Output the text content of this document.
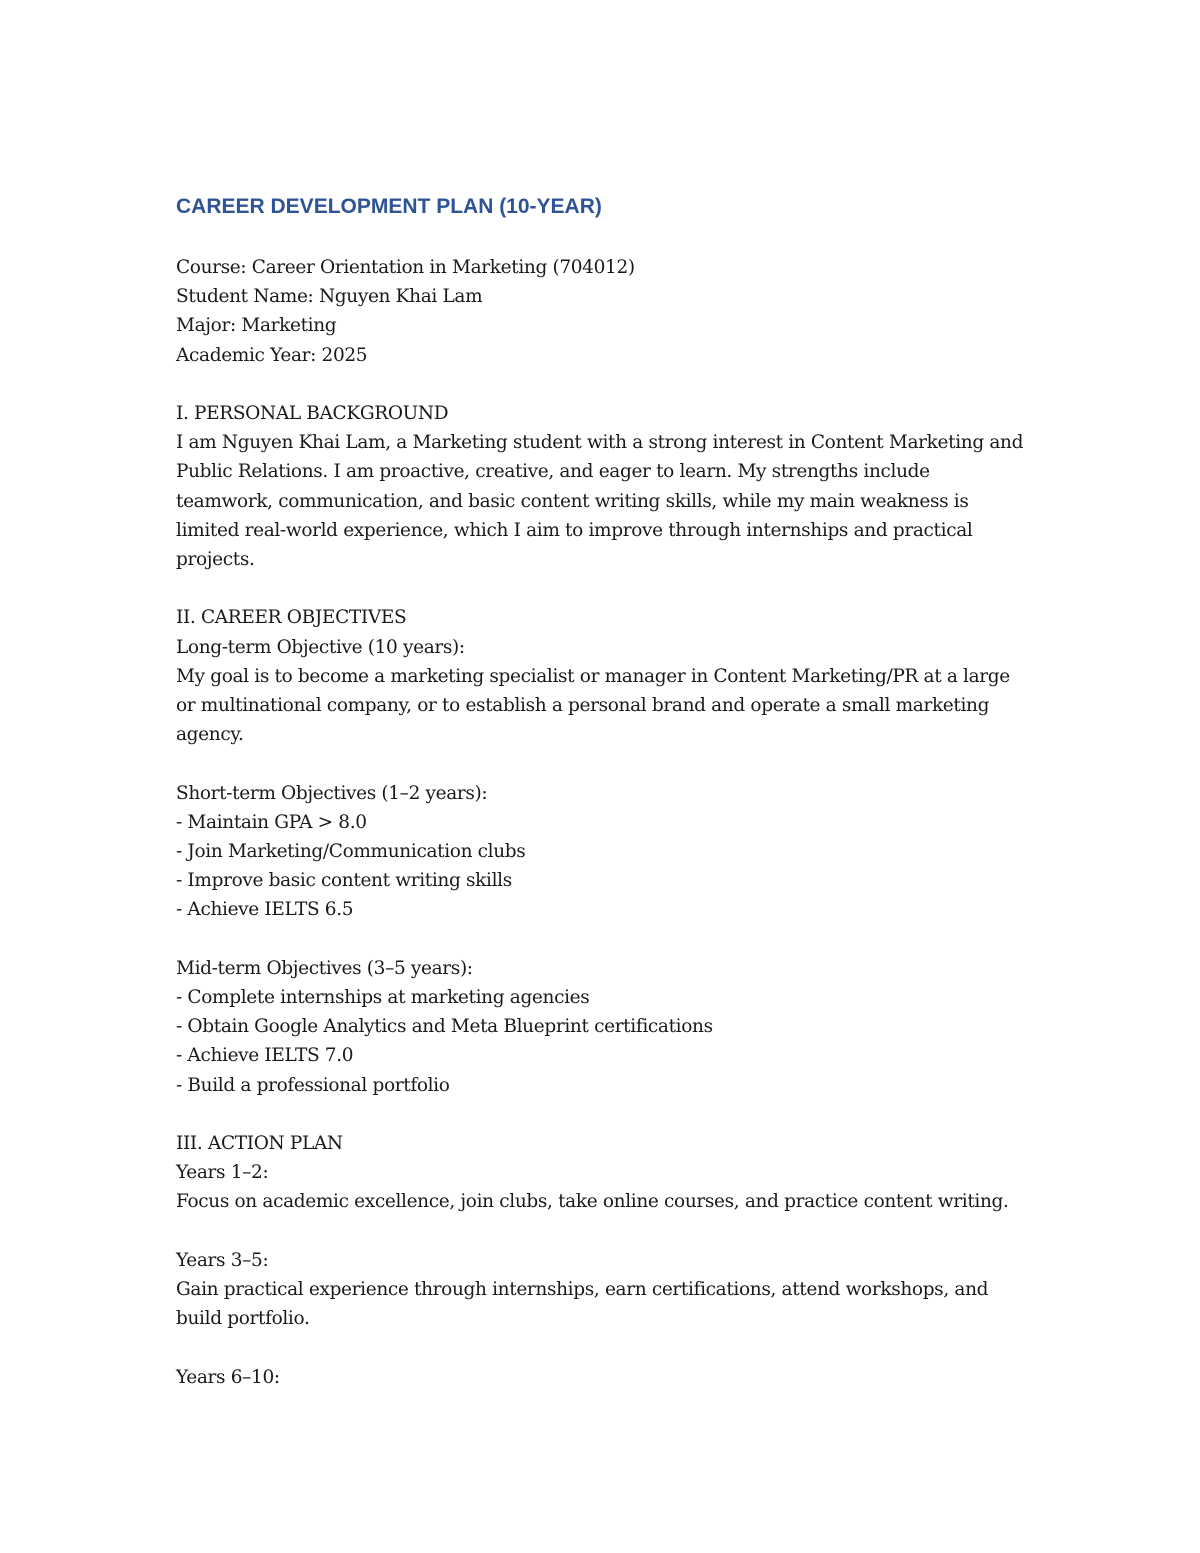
CAREER DEVELOPMENT PLAN (10-YEAR)
Course: Career Orientation in Marketing (704012)
Student Name: Nguyen Khai Lam
Major: Marketing
Academic Year: 2025
I. PERSONAL BACKGROUND
I am Nguyen Khai Lam, a Marketing student with a strong interest in Content Marketing and
Public Relations. I am proactive, creative, and eager to learn. My strengths include
teamwork, communication, and basic content writing skills, while my main weakness is
limited real-world experience, which I aim to improve through internships and practical
projects.
II. CAREER OBJECTIVES
Long-term Objective (10 years):
My goal is to become a marketing specialist or manager in Content Marketing/PR at a large
or multinational company, or to establish a personal brand and operate a small marketing
agency.
Short-term Objectives (1–2 years):
- Maintain GPA > 8.0
- Join Marketing/Communication clubs
- Improve basic content writing skills
- Achieve IELTS 6.5
Mid-term Objectives (3–5 years):
- Complete internships at marketing agencies
- Obtain Google Analytics and Meta Blueprint certifications
- Achieve IELTS 7.0
- Build a professional portfolio
III. ACTION PLAN
Years 1–2:
Focus on academic excellence, join clubs, take online courses, and practice content writing.
Years 3–5:
Gain practical experience through internships, earn certifications, attend workshops, and
build portfolio.
Years 6–10:
